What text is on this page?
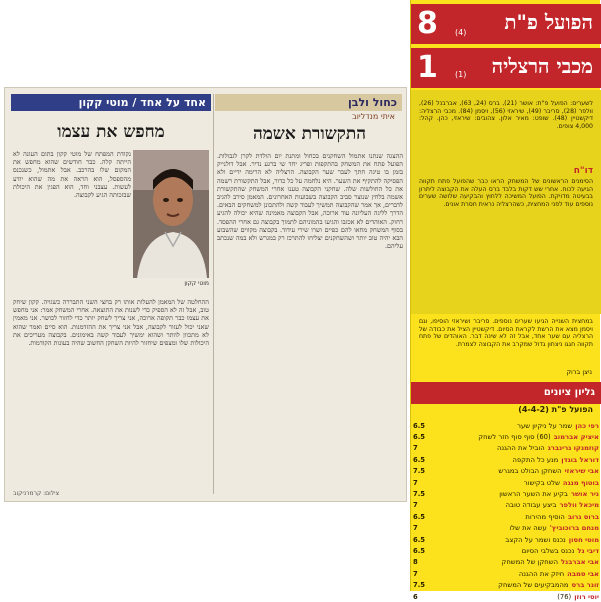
כחול ולבן
איתי מנדליוב
התקשורת אשמה
ההצגה שנתנו אתמול השחקנים בכחול ומתנת יום הולדת לקרן לגבולות. הפועל פתח את המשחק בהתקפות ופריג יחד שי ברגע נדיר. אבל דולנייק בזמן בו טיגה חתך לעבר שער הקבוצה. הרצליה לא הרימה ידיים ולא הפסיקה להתקיף את השער. היא נלחמה על כל כדור, אבל התקשורת רשמה את כל החולשות שלה. שחקני הקבוצה טענו אחרי המשחק שהתקשורת אשמה בלחץ שנוצר סביב הקבוצה בשבועות האחרונים. המאמן סירב להגיב לדברים, אך אמר שהקבוצה תמשיך לעבוד קשה ולהתכונן למשחקים הבאים. הדרך לליגה העליונה עוד ארוכה, אבל הקבוצה מאמינה שהיא יכולה להגיע רחוק. האוהדים לא אכזבו והגיעו בהמוניהם לתמוך בקבוצה גם אחרי ההפסד. בסוף המשחק מחאו להם כפיים ושרו שירי עידוד. בקבוצה מקווים שהשבוע הבא יהיה טוב יותר ושהשחקנים יצליחו להתרכז רק במגרש ולא במה שנכתב עליהם.
אחד על אחד / מוטי קקון
מחפש את עצמו
נקודת המפתח של מוטי קקון בתום העונה לא הייתה קלה. כבר חודשים שהוא מחפש את המקום שלו בהרכב. אבל אתמול, כשנכנס מהספסל, הוא הראה את מה שהוא יודע לעשות. עצבני וחד, הוא הפגין את היכולת שבזכותה הגיע לקבוצה.
מוטי קקון
ההחלטה של המאמן להעלות אותו רק בחצי השני התבררה כשגויה. קקון שיחק טוב, אבל זה לא הספיק כדי לשנות את התוצאה. אחרי המשחק אמר: אני מחפש את עצמו כבר תקופה ארוכה, אני צריך לשחק יותר כדי לחזור לכושר. אני מאמין שאני יכול לעזור לקבוצה, אבל אני צריך את ההזדמנות. הוא סיים ואמר שהוא לא מתכוון לוותר ושהוא ימשיך לעבוד קשה באימונים. בקבוצה מעריכים את היכולות שלו ומצפים שיחזור להיות השחקן החשוב שהיה בעונות הקודמות.
צילום: קרמרניקוב
הפועל פ"ת
8 (4)
מכבי הרצליה
1 (1)
לשערים: הפועל פ"ת: אושר (21), ברס (24, 63), אברבנל (26), וולפר (28), סריבר (49), שיראזי (56), ויסמן (84). מכבי הרצליה: דיקשטיין (48). שופט: מאיר אלון. צהובים: שיראזי, כהן. קהל: 4,000 צופים.
דו"ח
הסימנים הראשונים של המשחק הראו כבר שהפועל פתח תקווה הגיעה לכוח. אחרי שש דקות בלבד ברס העלה את הקבוצה ליתרון בבעיטה מדויקת. הפועל המשיכה ללחוץ והבקיעה שלושה שערים נוספים עוד לפני המחצית, כשהרצליה נראית חסרת אונים.
במחצית השנייה הגיעו שערים נוספים. סריבר ושיראזי הוסיפו, וגם ויסמן מצא את הרשת לקראת הסיום. דיקשטיין הציל את כבודה של הרצליה עם שער אחד, אבל זה לא שינה דבר. האוהדים של פתח תקווה חגגו ניצחון גדול שמקרב את הקבוצה לצמרת.
ניצן ברוק
גליון ציונים
הפועל פ"ת (4-4-2)
רפי כהן
שמר על ניקיון שער
6.5
איציק אברמוב
(60) סוף סוף חזר לשחק
6.5
קוזמנקו גרינברג
הוביל את ההגנה
7
דוראל בוגדן
מנע כל התקפה
6.5
אבי שיראזי
השחקן הבולט במגרש
7.5
בוטוף מנגה
שלט בקישור
7
ניר אושר
בקיע את השער הראשון
7.5
מיכאל וולפר
ביצע עבודה טובה
7
ברוס גרוב
הוסיף מהירות
6.5
מנחם ברוכוביץ'
עשה את שלו
7
מוטי חסון
נכנס ושמר על הקצב
6.5
דיבי גל
נכנס בשלבי הסיום
6.5
אבי אברבנל
השחקן של המשחק
8
אבי סמבה
חיזק את ההגנה
7
זונר ברס
מהמבקיעים של המשחק
7.5
יוסי רוזן
(76)
6
